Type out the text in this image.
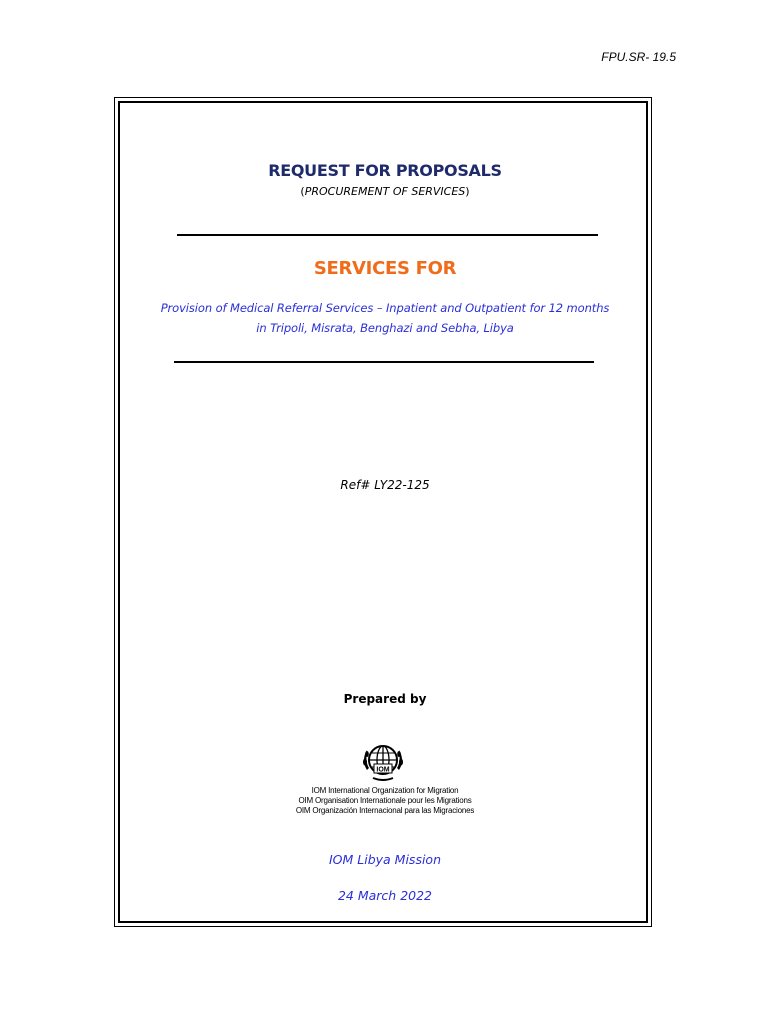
FPU.SR- 19.5
REQUEST FOR PROPOSALS
(PROCUREMENT OF SERVICES)
SERVICES FOR
Provision of Medical Referral Services – Inpatient and Outpatient for 12 months
in Tripoli, Misrata, Benghazi and Sebha, Libya
Ref# LY22-125
Prepared by
IOM
IOM International Organization for Migration
OIM Organisation Internationale pour les Migrations
OIM Organización Internacional para las Migraciones
IOM Libya Mission
24 March 2022
